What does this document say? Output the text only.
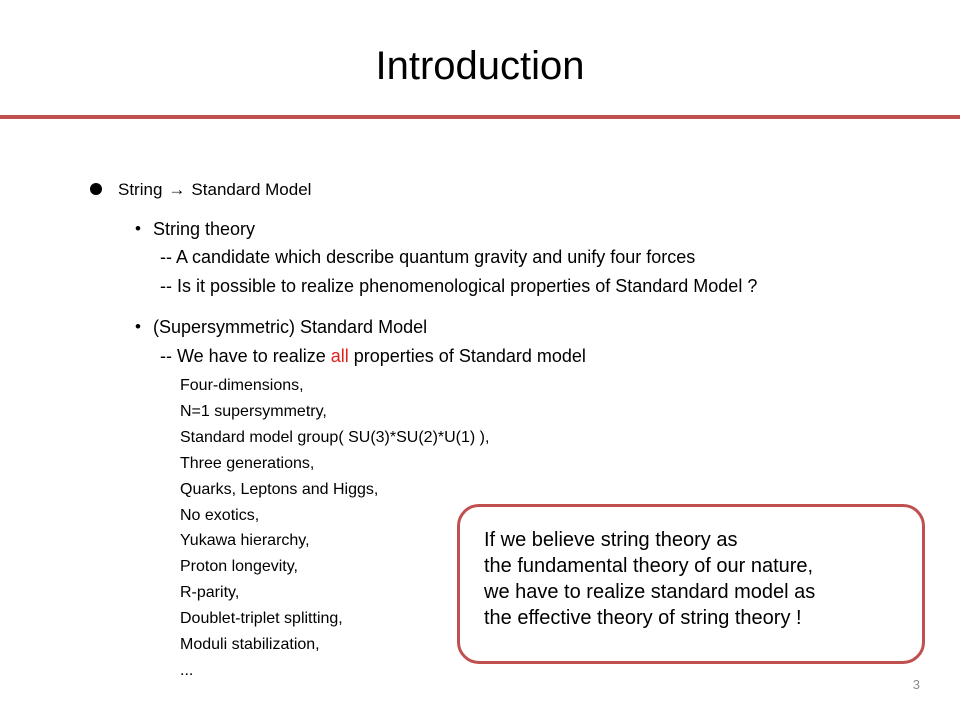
Introduction
String → Standard Model
• String theory
-- A candidate which describe quantum gravity and unify four forces
-- Is it possible to realize phenomenological properties of Standard Model ?
• (Supersymmetric) Standard Model
-- We have to realize all properties of Standard model
Four-dimensions,
N=1 supersymmetry,
Standard model group( SU(3)*SU(2)*U(1) ),
Three generations,
Quarks, Leptons and Higgs,
No exotics,
Yukawa hierarchy,
Proton longevity,
R-parity,
Doublet-triplet splitting,
Moduli stabilization,
...
If we believe string theory as
the fundamental theory of our nature,
we have to realize standard model as
the effective theory of string theory !
3
